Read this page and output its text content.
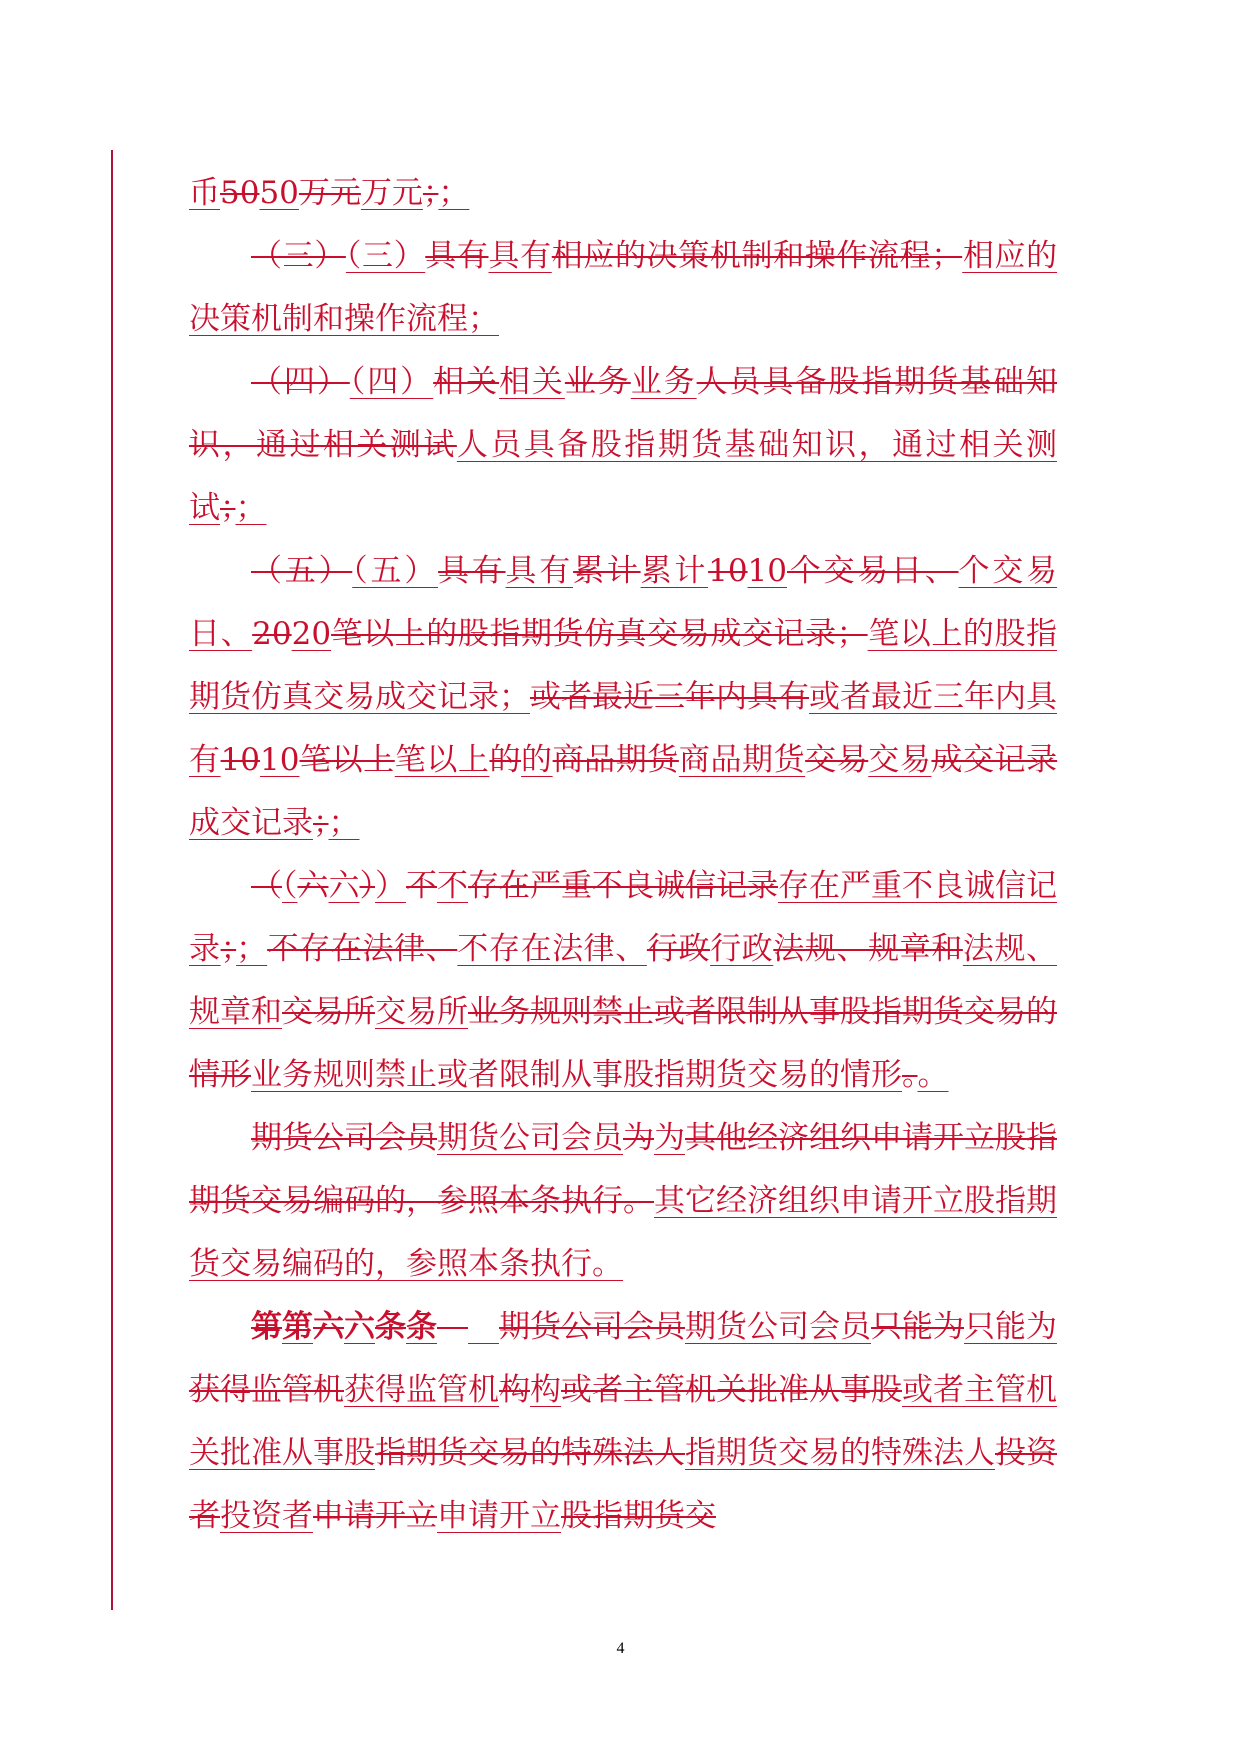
币5050万元万元；；

（三）（三）具有具有相应的决策机制和操作流程；相应的决策机制和操作流程；

（四）（四）相关相关业务业务人员具备股指期货基础知识，通过相关测试人员具备股指期货基础知识，通过相关测试；；

（五）（五）具有具有累计累计1010个交易日、个交易日、2020笔以上的股指期货仿真交易成交记录；笔以上的股指期货仿真交易成交记录；或者最近三年内具有或者最近三年内具有1010笔以上笔以上的的商品期货商品期货交易交易成交记录成交记录；；

（（六六））不不存在严重不良诚信记录存在严重不良诚信记录；；不存在法律、不存在法律、行政行政法规、规章和法规、规章和交易所交易所业务规则禁止或者限制从事股指期货交易的情形业务规则禁止或者限制从事股指期货交易的情形。。

期货公司会员期货公司会员为为其他经济组织申请开立股指期货交易编码的，参照本条执行。其它经济组织申请开立股指期货交易编码的，参照本条执行。

第第六六条条　　 期货公司会员期货公司会员只能为只能为获得监管机获得监管机构构或者主管机关批准从事股或者主管机关批准从事股指期货交易的特殊法人指期货交易的特殊法人投资者投资者申请开立申请开立股指期货交

4
